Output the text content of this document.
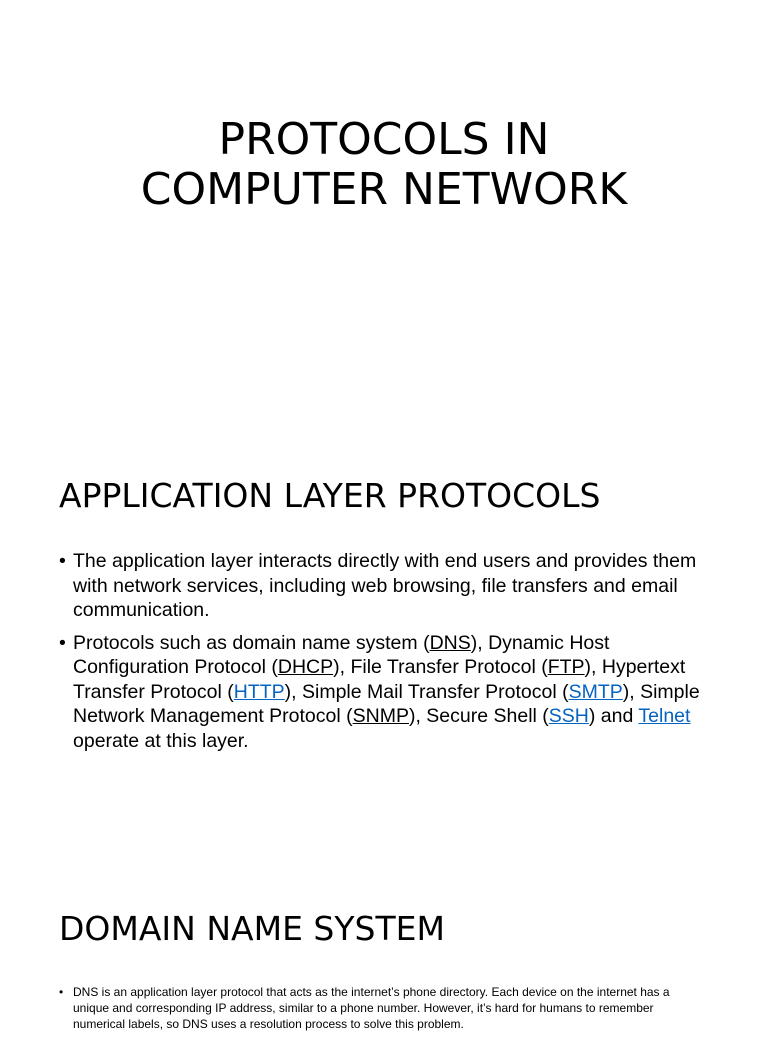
PROTOCOLS IN
COMPUTER NETWORK
APPLICATION LAYER PROTOCOLS
• The application layer interacts directly with end users and provides them with network services, including web browsing, file transfers and email communication.
• Protocols such as domain name system (DNS), Dynamic Host Configuration Protocol (DHCP), File Transfer Protocol (FTP), Hypertext Transfer Protocol (HTTP), Simple Mail Transfer Protocol (SMTP), Simple Network Management Protocol (SNMP), Secure Shell (SSH) and Telnet operate at this layer.
DOMAIN NAME SYSTEM
• DNS is an application layer protocol that acts as the internet’s phone directory. Each device on the internet has a unique and corresponding IP address, similar to a phone number. However, it’s hard for humans to remember numerical labels, so DNS uses a resolution process to solve this problem.
